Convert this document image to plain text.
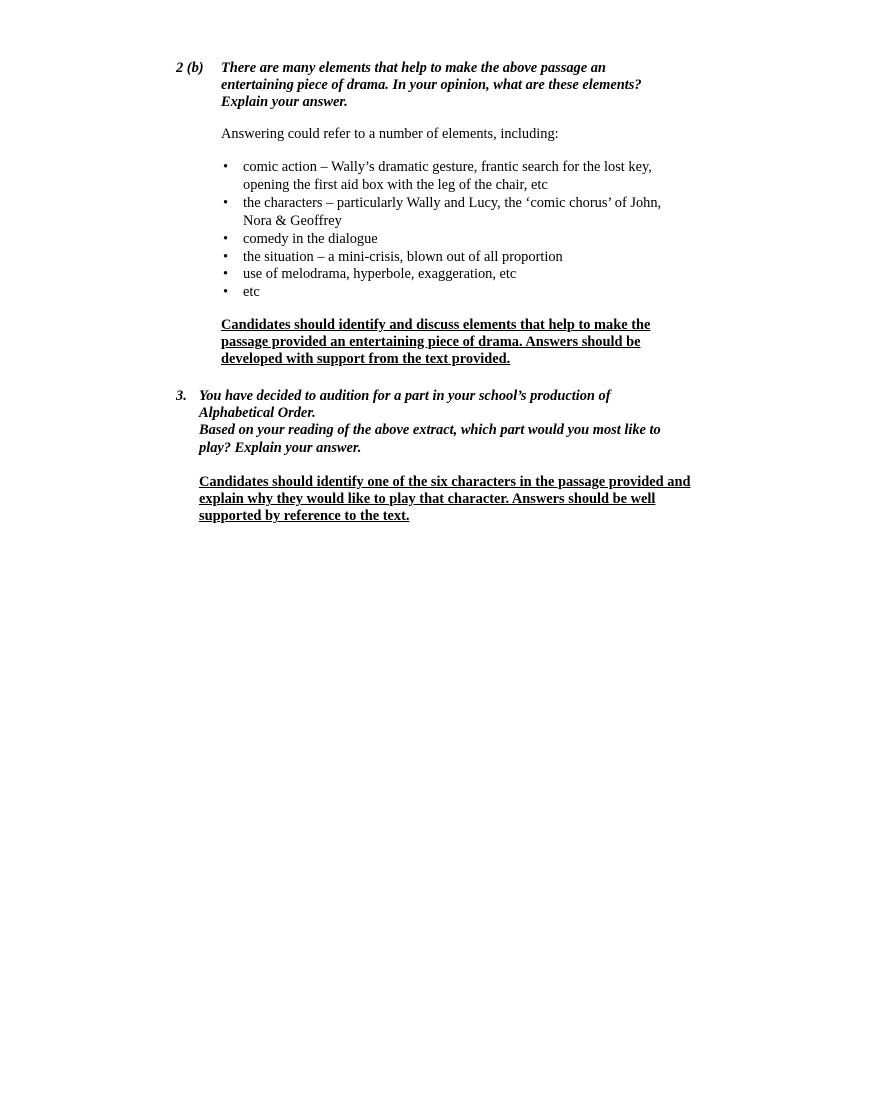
2 (b) There are many elements that help to make the above passage an
entertaining piece of drama. In your opinion, what are these elements?
Explain your answer.
Answering could refer to a number of elements, including:
• comic action – Wally’s dramatic gesture, frantic search for the lost key,
opening the first aid box with the leg of the chair, etc
• the characters – particularly Wally and Lucy, the ‘comic chorus’ of John,
Nora & Geoffrey
• comedy in the dialogue
• the situation – a mini-crisis, blown out of all proportion
• use of melodrama, hyperbole, exaggeration, etc
• etc
Candidates should identify and discuss elements that help to make the
passage provided an entertaining piece of drama. Answers should be
developed with support from the text provided.
3. You have decided to audition for a part in your school’s production of
Alphabetical Order.
Based on your reading of the above extract, which part would you most like to
play? Explain your answer.
Candidates should identify one of the six characters in the passage provided and
explain why they would like to play that character. Answers should be well
supported by reference to the text.
